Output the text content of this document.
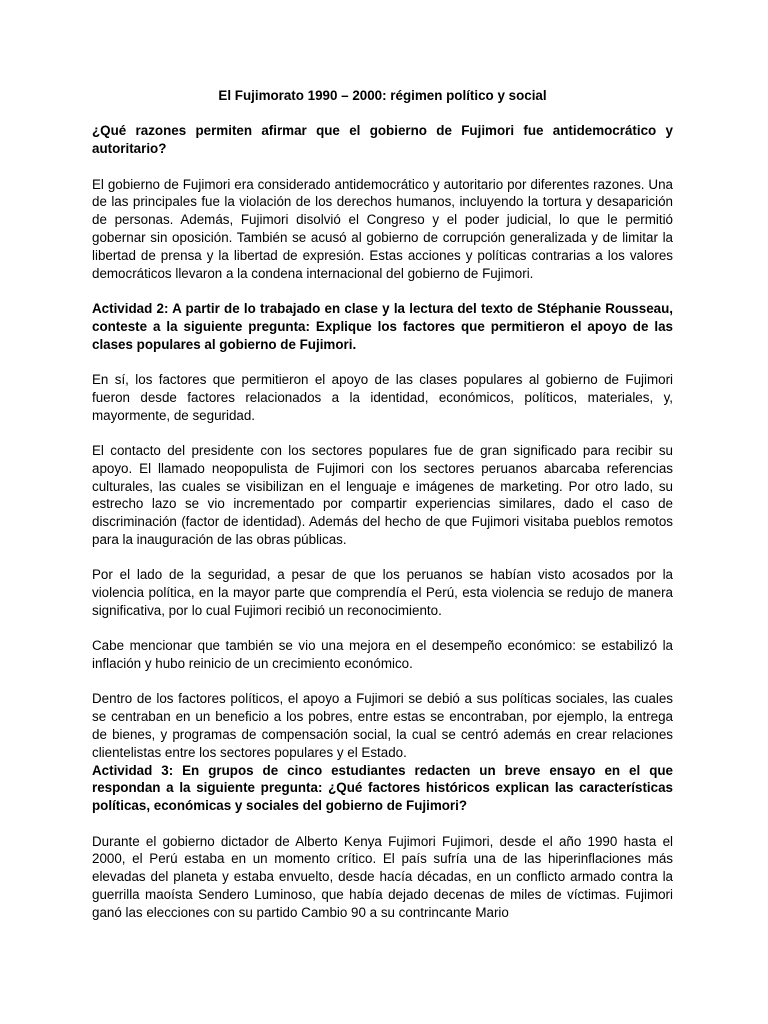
El Fujimorato 1990 – 2000: régimen político y social

¿Qué razones permiten afirmar que el gobierno de Fujimori fue antidemocrático y autoritario?

El gobierno de Fujimori era considerado antidemocrático y autoritario por diferentes razones. Una de las principales fue la violación de los derechos humanos, incluyendo la tortura y desaparición de personas. Además, Fujimori disolvió el Congreso y el poder judicial, lo que le permitió gobernar sin oposición. También se acusó al gobierno de corrupción generalizada y de limitar la libertad de prensa y la libertad de expresión. Estas acciones y políticas contrarias a los valores democráticos llevaron a la condena internacional del gobierno de Fujimori.

Actividad 2: A partir de lo trabajado en clase y la lectura del texto de Stéphanie Rousseau, conteste a la siguiente pregunta: Explique los factores que permitieron el apoyo de las clases populares al gobierno de Fujimori.

En sí, los factores que permitieron el apoyo de las clases populares al gobierno de Fujimori fueron desde factores relacionados a la identidad, económicos, políticos, materiales, y, mayormente, de seguridad.

El contacto del presidente con los sectores populares fue de gran significado para recibir su apoyo. El llamado neopopulista de Fujimori con los sectores peruanos abarcaba referencias culturales, las cuales se visibilizan en el lenguaje e imágenes de marketing. Por otro lado, su estrecho lazo se vio incrementado por compartir experiencias similares, dado el caso de discriminación (factor de identidad). Además del hecho de que Fujimori visitaba pueblos remotos para la inauguración de las obras públicas.

Por el lado de la seguridad, a pesar de que los peruanos se habían visto acosados por la violencia política, en la mayor parte que comprendía el Perú, esta violencia se redujo de manera significativa, por lo cual Fujimori recibió un reconocimiento.

Cabe mencionar que también se vio una mejora en el desempeño económico: se estabilizó la inflación y hubo reinicio de un crecimiento económico.

Dentro de los factores políticos, el apoyo a Fujimori se debió a sus políticas sociales, las cuales se centraban en un beneficio a los pobres, entre estas se encontraban, por ejemplo, la entrega de bienes, y programas de compensación social, la cual se centró además en crear relaciones clientelistas entre los sectores populares y el Estado.

Actividad 3: En grupos de cinco estudiantes redacten un breve ensayo en el que respondan a la siguiente pregunta: ¿Qué factores históricos explican las características políticas, económicas y sociales del gobierno de Fujimori?

Durante el gobierno dictador de Alberto Kenya Fujimori Fujimori, desde el año 1990 hasta el 2000, el Perú estaba en un momento crítico. El país sufría una de las hiperinflaciones más elevadas del planeta y estaba envuelto, desde hacía décadas, en un conflicto armado contra la guerrilla maoísta Sendero Luminoso, que había dejado decenas de miles de víctimas. Fujimori ganó las elecciones con su partido Cambio 90 a su contrincante Mario
